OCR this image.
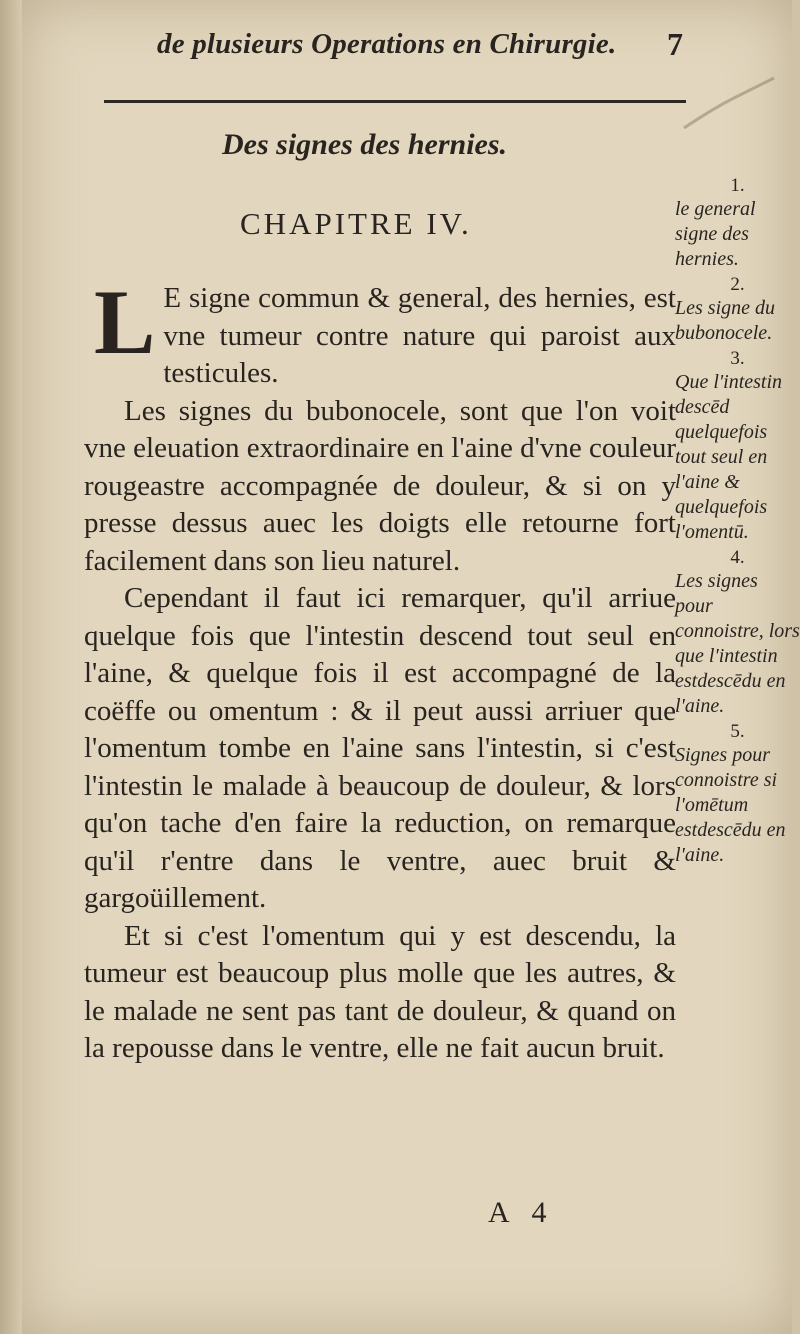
de plusieurs Operations en Chirurgie. 7
Des signes des hernies.
CHAPITRE IV.

L E signe commun & general, des hernies, est vne tumeur contre nature qui paroist aux testicules.

Les signes du bubonocele, sont que l'on voit vne eleuation extraordinaire en l'aine d'vne couleur rougeastre accompagnée de douleur, & si on y presse dessus auec les doigts elle retourne fort facilement dans son lieu naturel.

Cependant il faut ici remarquer, qu'il arriue quelque fois que l'intestin descend tout seul en l'aine, & quelque fois il est accompagné de la coëffe ou omentum : & il peut aussi arriuer que l'omentum tombe en l'aine sans l'intestin, si c'est l'intestin le malade à beaucoup de douleur, & lors qu'on tache d'en faire la reduction, on remarque qu'il r'entre dans le ventre, auec bruit & gargoüillement.

Et si c'est l'omentum qui y est descendu, la tumeur est beaucoup plus molle que les autres, & le malade ne sent pas tant de douleur, & quand on la repousse dans le ventre, elle ne fait aucun bruit.

1.
le general signe des hernies.
2.
Les signe du bubonocele.
3.
Que l'intestin descēd quelquefois tout seul en l'aine & quelquefois l'omentū.
4.
Les signes pour connoistre, lors que l'intestin estdescēdu en l'aine.
5.
Signes pour connoistre si l'omētum estdescēdu en l'aine.
A 4
